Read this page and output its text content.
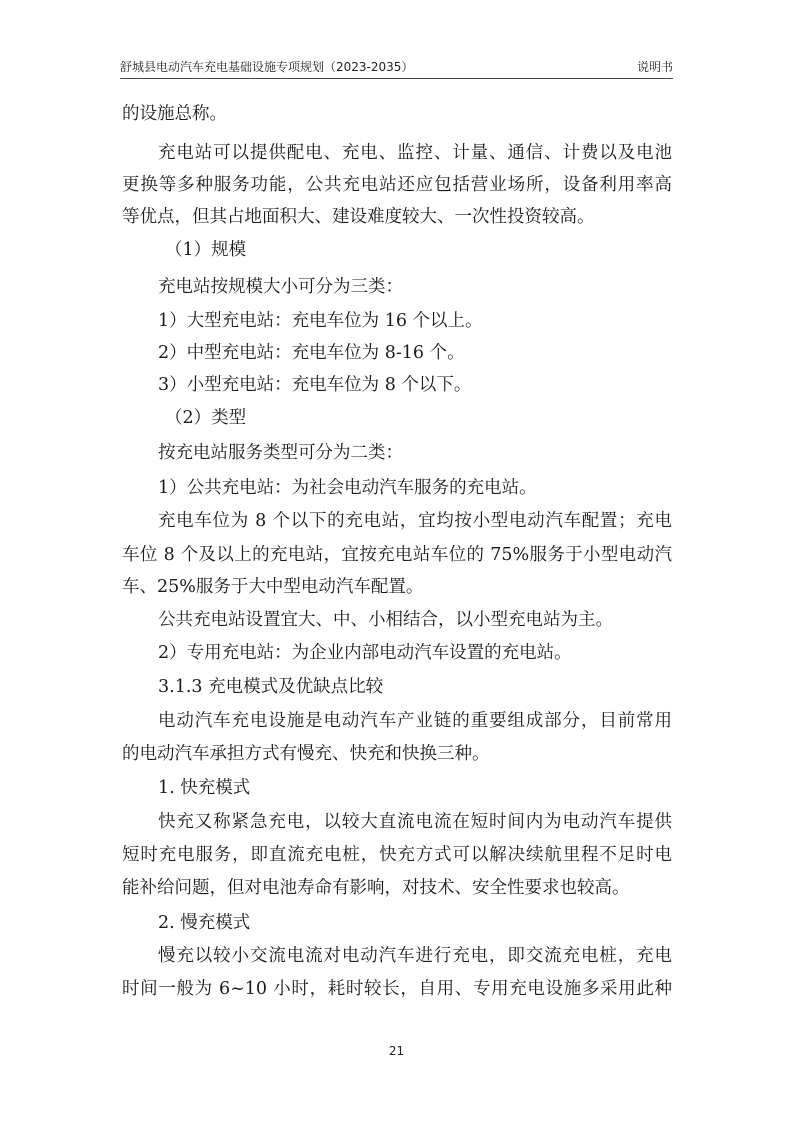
舒城县电动汽车充电基础设施专项规划（2023-2035）	说明书
的设施总称。
充电站可以提供配电、充电、监控、计量、通信、计费以及电池
更换等多种服务功能，公共充电站还应包括营业场所，设备利用率高
等优点，但其占地面积大、建设难度较大、一次性投资较高。
（1）规模
充电站按规模大小可分为三类：
1）大型充电站：充电车位为 16 个以上。
2）中型充电站：充电车位为 8-16 个。
3）小型充电站：充电车位为 8 个以下。
（2）类型
按充电站服务类型可分为二类：
1）公共充电站：为社会电动汽车服务的充电站。
充电车位为 8 个以下的充电站，宜均按小型电动汽车配置；充电
车位 8 个及以上的充电站，宜按充电站车位的 75%服务于小型电动汽
车、25%服务于大中型电动汽车配置。
公共充电站设置宜大、中、小相结合，以小型充电站为主。
2）专用充电站：为企业内部电动汽车设置的充电站。
3.1.3 充电模式及优缺点比较
电动汽车充电设施是电动汽车产业链的重要组成部分，目前常用
的电动汽车承担方式有慢充、快充和快换三种。
1. 快充模式
快充又称紧急充电，以较大直流电流在短时间内为电动汽车提供
短时充电服务，即直流充电桩，快充方式可以解决续航里程不足时电
能补给问题，但对电池寿命有影响，对技术、安全性要求也较高。
2. 慢充模式
慢充以较小交流电流对电动汽车进行充电，即交流充电桩，充电
时间一般为 6~10 小时，耗时较长，自用、专用充电设施多采用此种
21
